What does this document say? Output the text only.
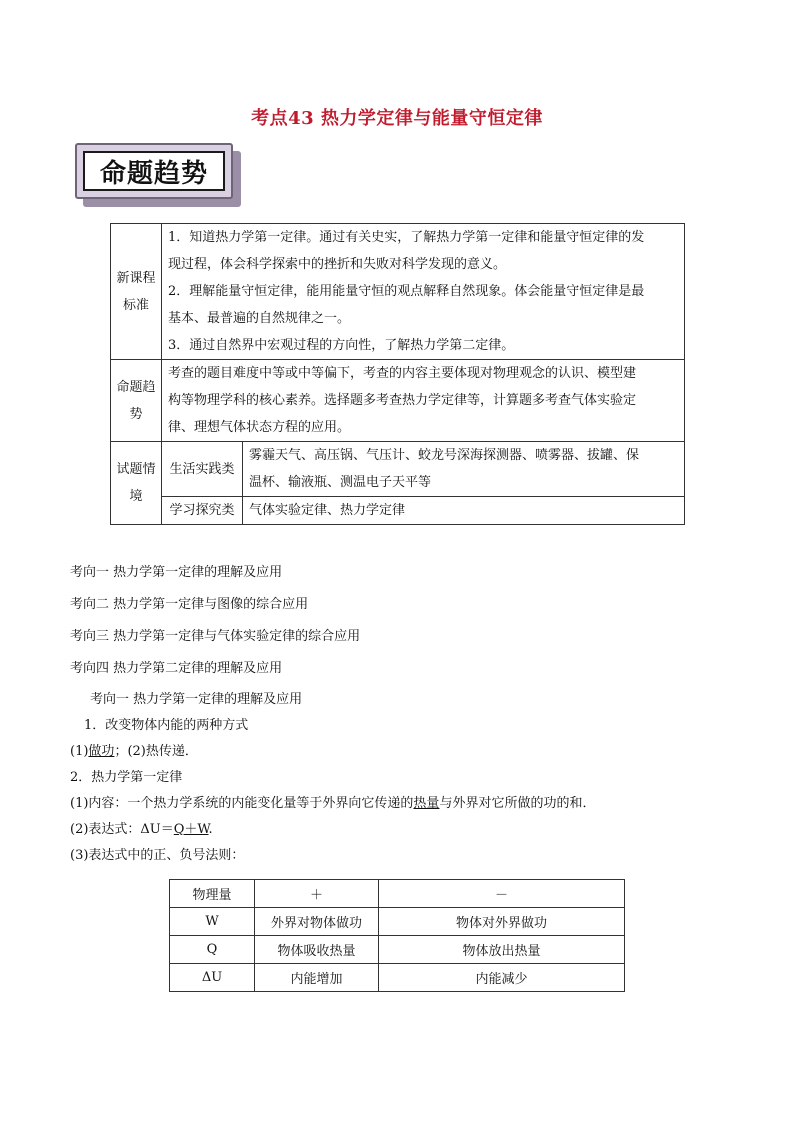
考点43 热力学定律与能量守恒定律
命题趋势
新课程标准	1．知道热力学第一定律。通过有关史实，了解热力学第一定律和能量守恒定律的发
现过程，体会科学探索中的挫折和失败对科学发现的意义。
2．理解能量守恒定律，能用能量守恒的观点解释自然现象。体会能量守恒定律是最
基本、最普遍的自然规律之一。
3．通过自然界中宏观过程的方向性，了解热力学第二定律。	

命题趋势	考查的题目难度中等或中等偏下，考查的内容主要体现对物理观念的认识、模型建
构等物理学科的核心素养。选择题多考查热力学定律等，计算题多考查气体实验定
律、理想气体状态方程的应用。	

试题情境	生活实践类	雾霾天气、高压锅、气压计、蛟龙号深海探测器、喷雾器、拔罐、保
温杯、输液瓶、测温电子天平等

	学习探究类	气体实验定律、热力学定律
考向一 热力学第一定律的理解及应用
考向二 热力学第一定律与图像的综合应用
考向三 热力学第一定律与气体实验定律的综合应用
考向四 热力学第二定律的理解及应用
考向一 热力学第一定律的理解及应用
1．改变物体内能的两种方式
(1)做功；(2)热传递．
2．热力学第一定律
(1)内容：一个热力学系统的内能变化量等于外界向它传递的热量与外界对它所做的功的和．
(2)表达式：ΔU＝Q＋W.
(3)表达式中的正、负号法则：
物理量	＋	－
W	外界对物体做功	物体对外界做功
Q	物体吸收热量	物体放出热量
ΔU	内能增加	内能减少
